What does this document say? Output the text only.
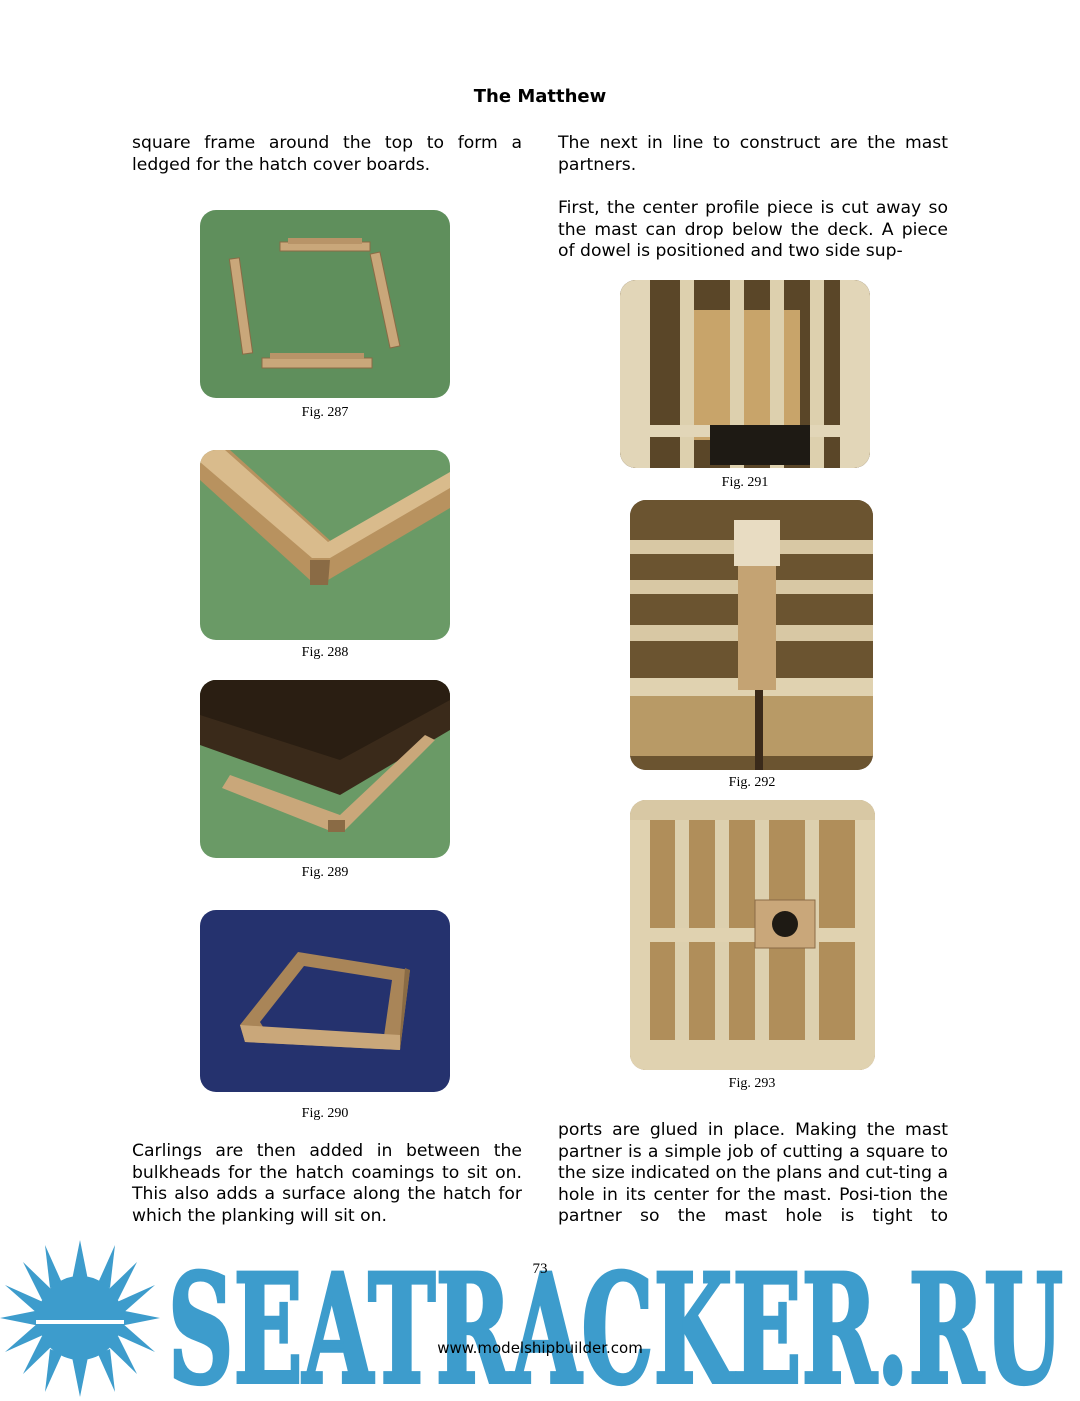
The Matthew
square frame around the top to form a ledged for the hatch cover boards.
Fig. 287
Fig. 288
Fig. 289
Fig. 290
Carlings are then added in between the bulkheads for the hatch coamings to sit on. This also adds a surface along the hatch for which the planking will sit on.
The next in line to construct are the mast partners.
First, the center profile piece is cut away so the mast can drop below the deck. A piece of dowel is positioned and two side sup-
Fig. 291
Fig. 292
Fig. 293
ports are glued in place. Making the mast partner is a simple job of cutting a square to the size indicated on the plans and cut-ting a hole in its center for the mast. Posi-tion the partner so the mast hole is tight to
SEATRACKER.RU
73
www.modelshipbuilder.com
